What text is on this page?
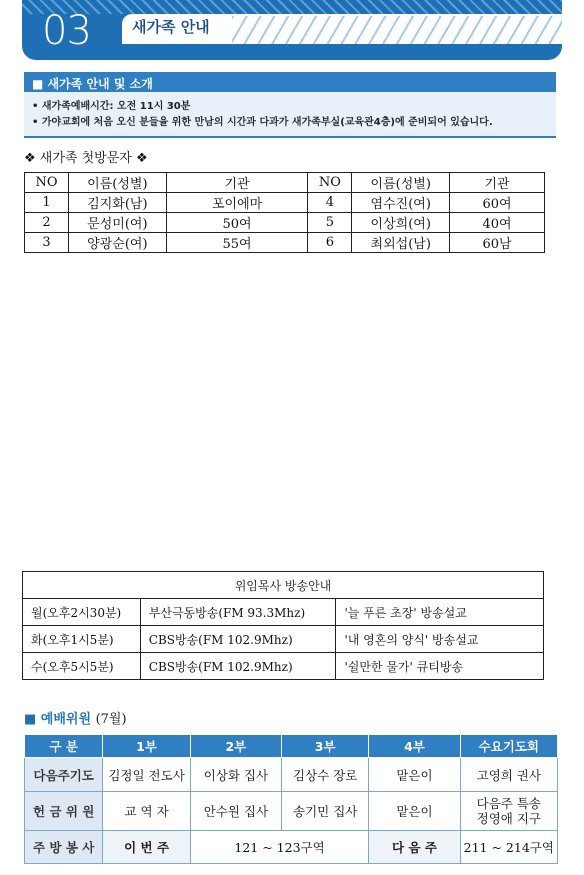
03	새가족 안내
■ 새가족 안내 및 소개
• 새가족예배시간: 오전 11시 30분
• 가야교회에 처음 오신 분들을 위한 만남의 시간과 다과가 새가족부실(교육관4층)에 준비되어 있습니다.
❖ 새가족 첫방문자 ❖
NO	이름(성별)	기관	NO	이름(성별)	기관
1	김지화(남)	포이에마	4	염수진(여)	60여
2	문성미(여)	50여	5	이상희(여)	40여
3	양광순(여)	55여	6	최외섭(남)	60남
위임목사 방송안내		
월(오후2시30분)	부산극동방송(FM 93.3Mhz)	'늘 푸른 초장' 방송설교
화(오후1시5분)	CBS방송(FM 102.9Mhz)	'내 영혼의 양식' 방송설교
수(오후5시5분)	CBS방송(FM 102.9Mhz)	'쉴만한 물가' 큐티방송
■ 예배위원 (7월)
구 분	1부	2부	3부	4부	수요기도회
다음주기도	김정일 전도사	이상화 집사	김상수 장로	맡은이	고영희 권사
헌 금 위 원	교 역 자	안수원 집사	송기민 집사	맡은이	다음주 특송
정영애 지구

주 방 봉 사	이 번 주	121 ~ 123구역		다 음 주	211 ~ 214구역
